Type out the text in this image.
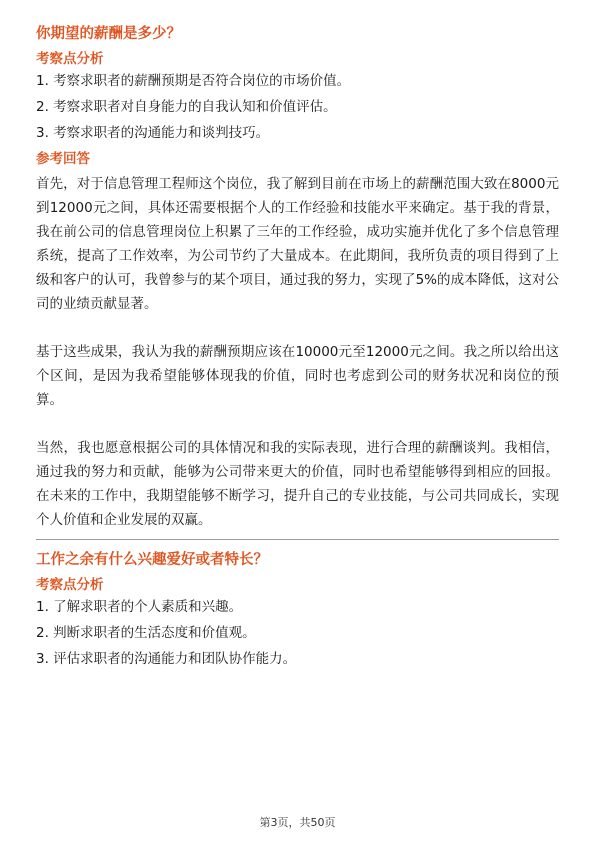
你期望的薪酬是多少？
考察点分析
1. 考察求职者的薪酬预期是否符合岗位的市场价值。
2. 考察求职者对自身能力的自我认知和价值评估。
3. 考察求职者的沟通能力和谈判技巧。
参考回答

首先，对于信息管理工程师这个岗位，我了解到目前在市场上的薪酬范围大致在8000元到12000元之间，具体还需要根据个人的工作经验和技能水平来确定。基于我的背景，我在前公司的信息管理岗位上积累了三年的工作经验，成功实施并优化了多个信息管理系统，提高了工作效率，为公司节约了大量成本。在此期间，我所负责的项目得到了上级和客户的认可，我曾参与的某个项目，通过我的努力，实现了5%的成本降低，这对公司的业绩贡献显著。

基于这些成果，我认为我的薪酬预期应该在10000元至12000元之间。我之所以给出这个区间，是因为我希望能够体现我的价值，同时也考虑到公司的财务状况和岗位的预算。

当然，我也愿意根据公司的具体情况和我的实际表现，进行合理的薪酬谈判。我相信，通过我的努力和贡献，能够为公司带来更大的价值，同时也希望能够得到相应的回报。在未来的工作中，我期望能够不断学习，提升自己的专业技能，与公司共同成长，实现个人价值和企业发展的双赢。

工作之余有什么兴趣爱好或者特长？
考察点分析
1. 了解求职者的个人素质和兴趣。
2. 判断求职者的生活态度和价值观。
3. 评估求职者的沟通能力和团队协作能力。
第3页，共50页
